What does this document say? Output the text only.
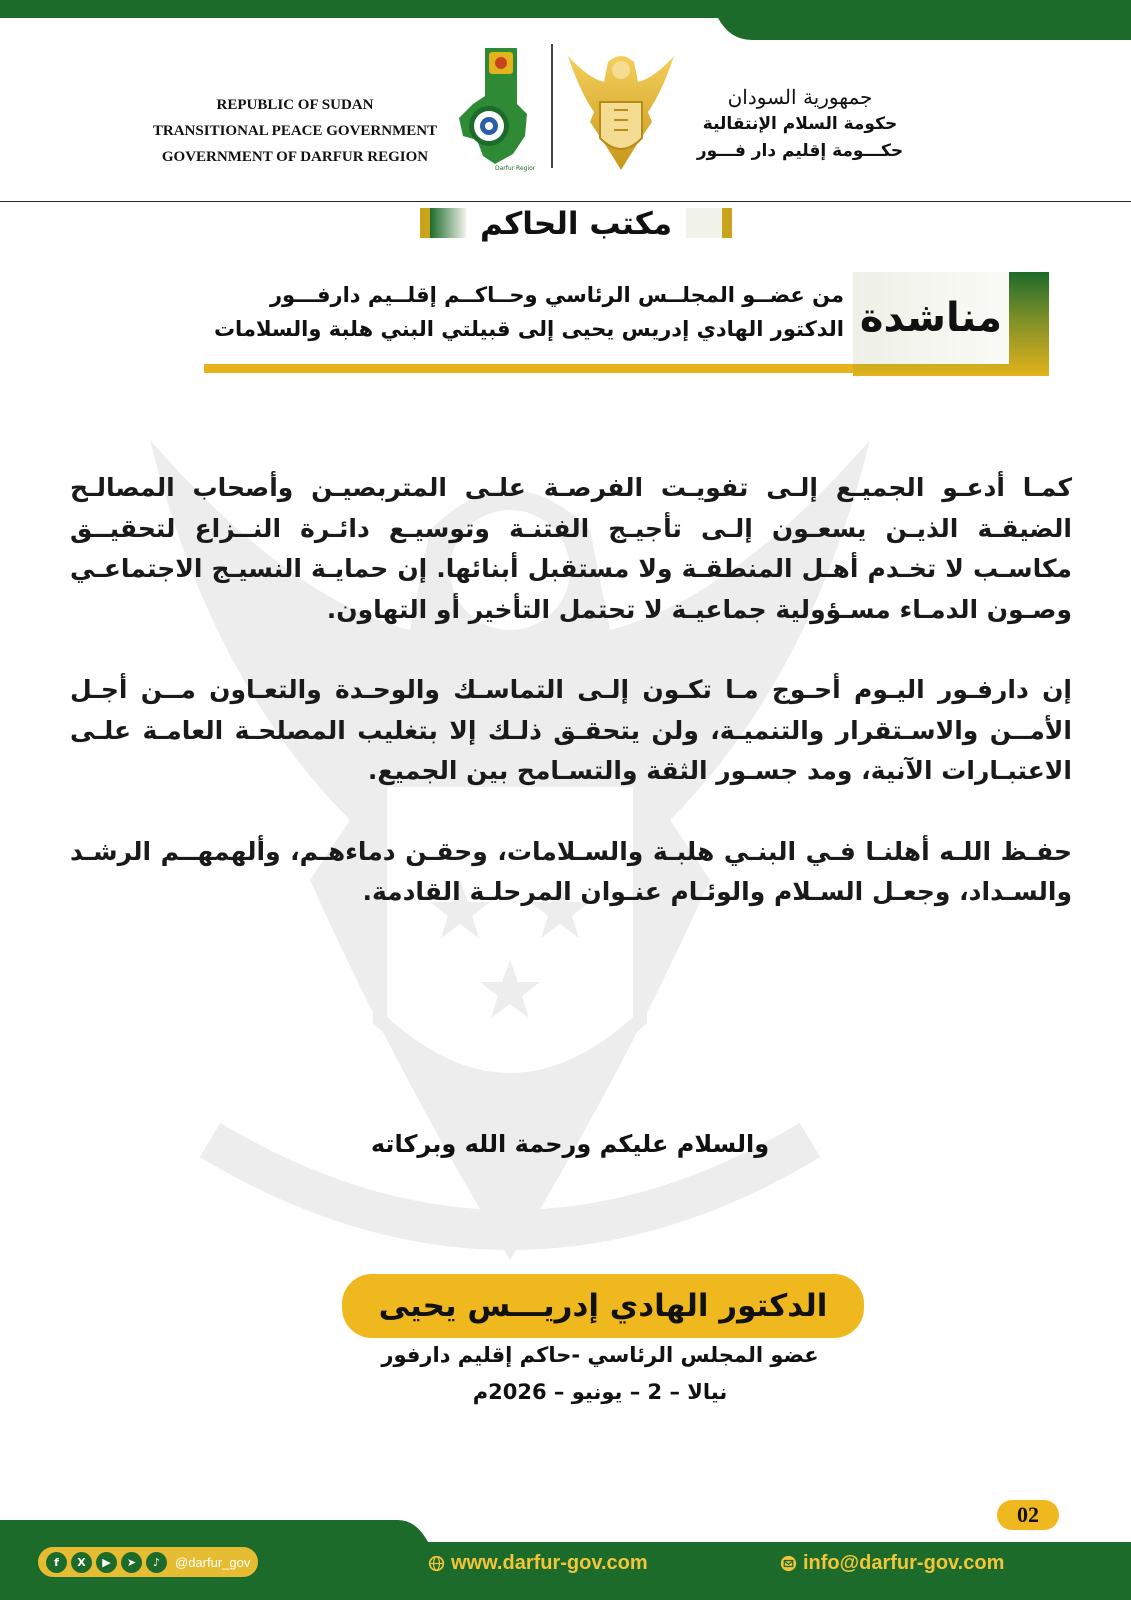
REPUBLIC OF SUDAN
TRANSITIONAL PEACE GOVERNMENT
GOVERNMENT OF DARFUR REGION
Darfur Region
جمهورية السودان
حكومة السلام الإنتقالية
حكـــومة إقليم دار فـــور
مكتب الحاكم
مناشدة
من عضــو المجلــس الرئاسي وحــاكــم إقلــيم دارفـــور
الدكتور الهادي إدريس يحيى إلى قبيلتي البني هلبة والسلامات

كمـا أدعـو الجميـع إلـى تفويـت الفرصـة علـى المتربصيـن وأصحاب المصالـح الضيقـة الذيـن يسعـون إلـى تأجيـج الفتنـة وتوسيـع دائـرة النــزاع لتحقيــق مكاسـب لا تخـدم أهـل المنطقـة ولا مستقبل أبنائها. إن حمايـة النسيـج الاجتماعـي وصـون الدمـاء مسـؤولية جماعيـة لا تحتمل التأخير أو التهاون.

إن دارفـور اليـوم أحـوج مـا تكـون إلـى التماسـك والوحـدة والتعـاون مــن أجـل الأمــن والاسـتقرار والتنميـة، ولن يتحقـق ذلـك إلا بتغليب المصلحـة العامـة علـى الاعتبـارات الآنية، ومد جسـور الثقة والتسـامح بين الجميع.

حفـظ اللـه أهلنـا فـي البنـي هلبـة والسـلامات، وحقـن دماءهـم، وألهمهــم الرشـد والسـداد، وجعـل السـلام والوئـام عنـوان المرحلـة القادمة.

والسلام عليكم ورحمة الله وبركاته
الدكتور الهادي إدريـــس يحيى
عضو المجلس الرئاسي -حاكم إقليم دارفور
نيالا – 2 – يونيو – 2026م
02
f	X	▶	➤	♪	@darfur_gov	www.darfur-gov.com	info@darfur-gov.com
